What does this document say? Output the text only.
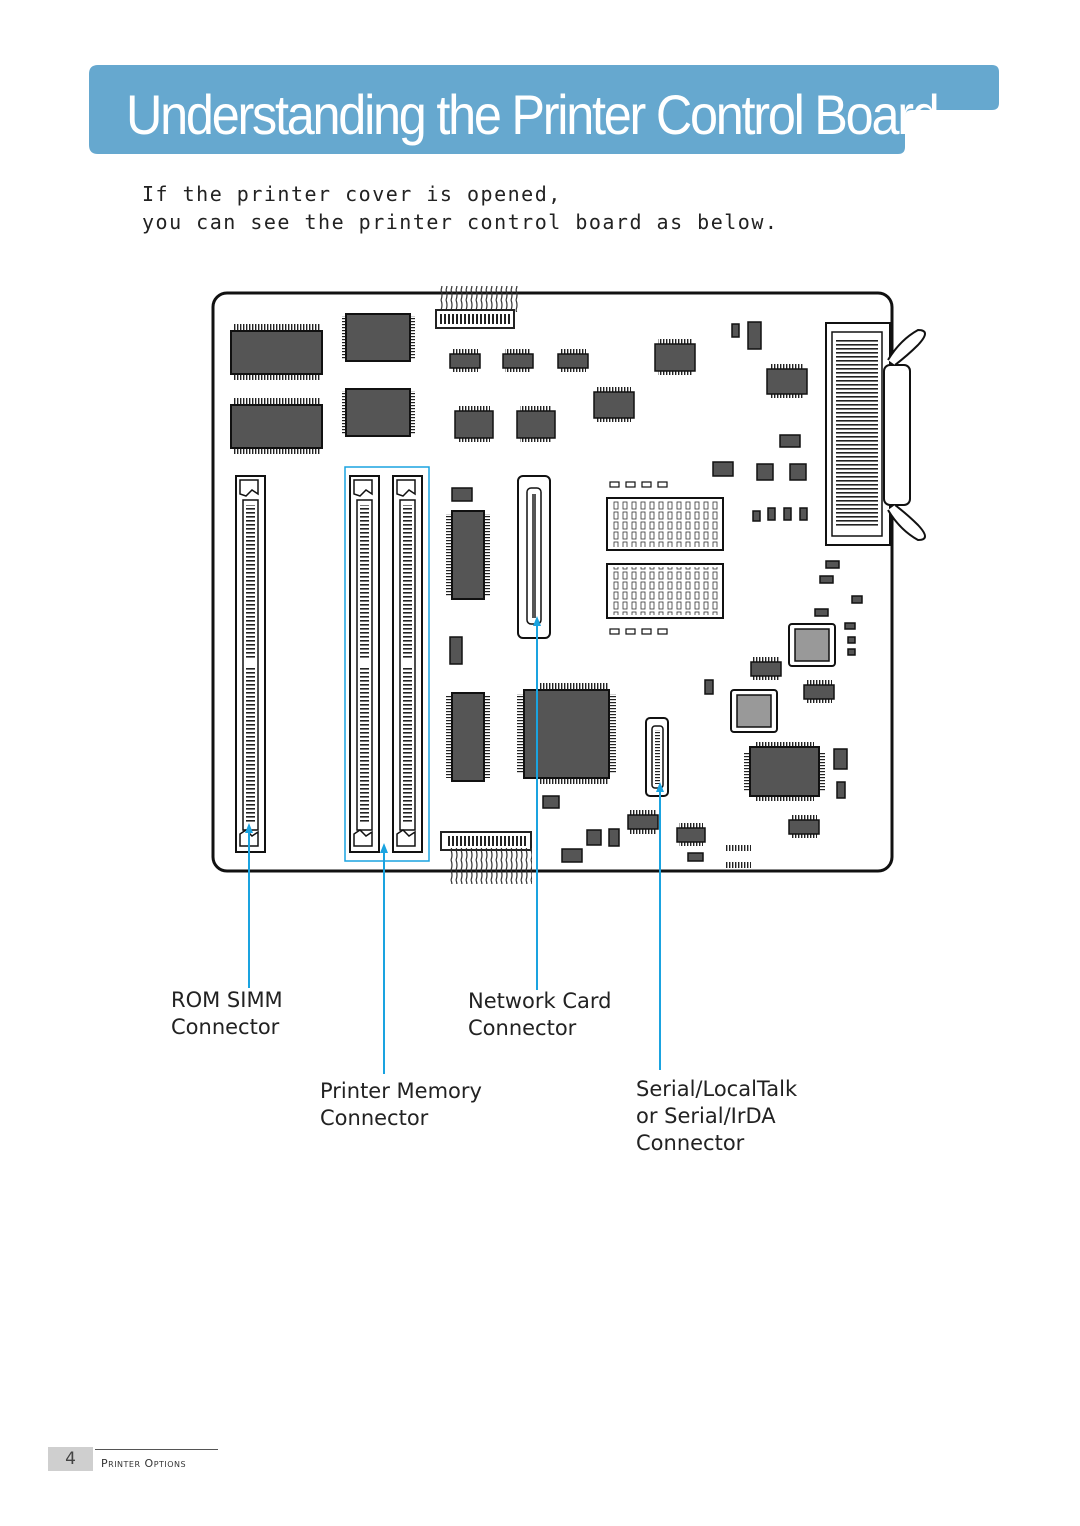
Understanding the Printer Control Board
If the printer cover is opened,
you can see the printer control board as below.
ROM SIMM
Connector
Network Card
Connector
Printer Memory
Connector
Serial/LocalTalk
or Serial/IrDA
Connector
4	Printer Options
